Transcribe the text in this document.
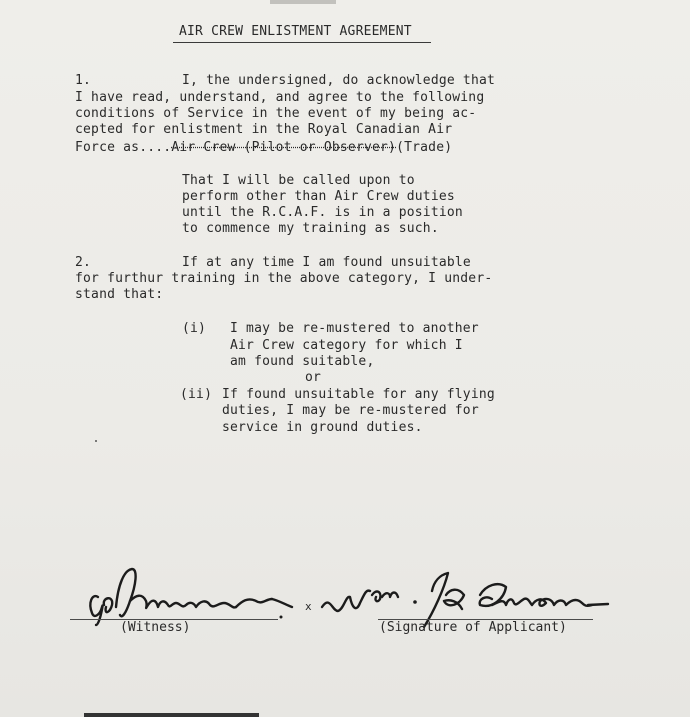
AIR CREW ENLISTMENT AGREEMENT
1.	I, the undersigned, do acknowledge that
I have read, understand, and agree to the following
conditions of Service in the event of my being ac-
cepted for enlistment in the Royal Canadian Air
Force as....Air Crew (Pilot or Observer)(Trade)
That I will be called upon to
perform other than Air Crew duties
until the R.C.A.F. is in a position
to commence my training as such.
2.	If at any time I am found unsuitable
for furthur training in the above category, I under-
stand that:
(i) I may be re-mustered to another
Air Crew category for which I
am found suitable,
or
(ii) If found unsuitable for any flying
duties, I may be re-mustered for
service in ground duties.
(Witness)
x
(Signature of Applicant)
